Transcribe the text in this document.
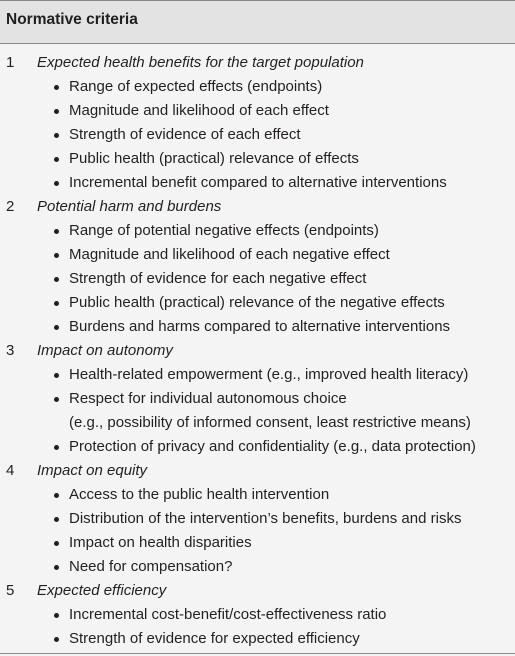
Normative criteria
1 Expected health benefits for the target population
Range of expected effects (endpoints)
Magnitude and likelihood of each effect
Strength of evidence of each effect
Public health (practical) relevance of effects
Incremental benefit compared to alternative interventions
2 Potential harm and burdens
Range of potential negative effects (endpoints)
Magnitude and likelihood of each negative effect
Strength of evidence for each negative effect
Public health (practical) relevance of the negative effects
Burdens and harms compared to alternative interventions
3 Impact on autonomy
Health-related empowerment (e.g., improved health literacy)
Respect for individual autonomous choice
(e.g., possibility of informed consent, least restrictive means)
Protection of privacy and confidentiality (e.g., data protection)
4 Impact on equity
Access to the public health intervention
Distribution of the intervention’s benefits, burdens and risks
Impact on health disparities
Need for compensation?
5 Expected efficiency
Incremental cost-benefit/cost-effectiveness ratio
Strength of evidence for expected efficiency
